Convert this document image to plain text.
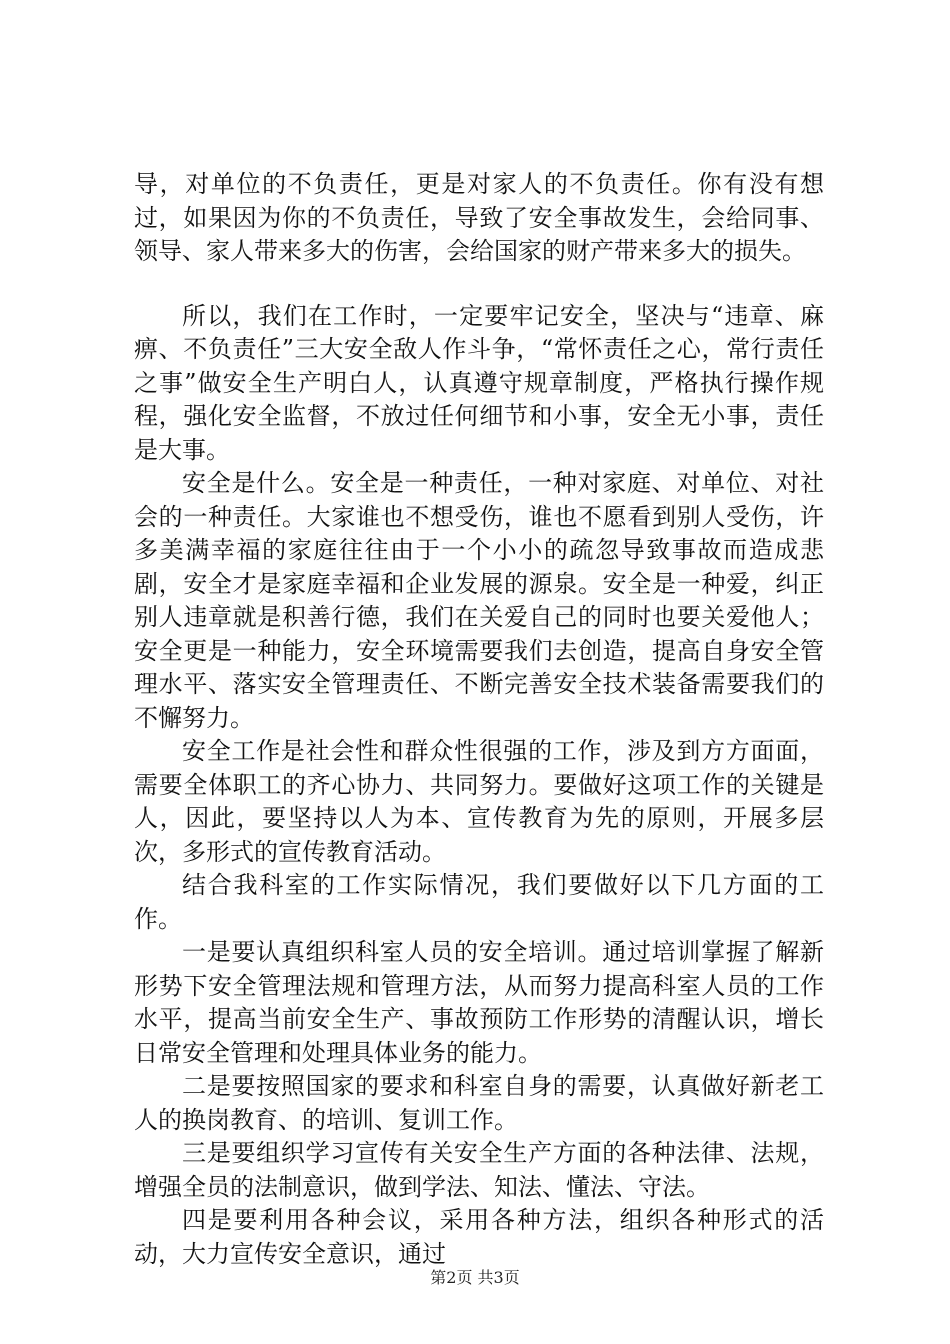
导，对单位的不负责任，更是对家人的不负责任。你有没有想过，如果因为你的不负责任，导致了安全事故发生，会给同事、领导、家人带来多大的伤害，会给国家的财产带来多大的损失。

所以，我们在工作时，一定要牢记安全，坚决与“违章、麻痹、不负责任”三大安全敌人作斗争，“常怀责任之心，常行责任之事”做安全生产明白人，认真遵守规章制度，严格执行操作规程，强化安全监督，不放过任何细节和小事，安全无小事，责任是大事。

安全是什么。安全是一种责任，一种对家庭、对单位、对社会的一种责任。大家谁也不想受伤，谁也不愿看到别人受伤，许多美满幸福的家庭往往由于一个小小的疏忽导致事故而造成悲剧，安全才是家庭幸福和企业发展的源泉。安全是一种爱，纠正别人违章就是积善行德，我们在关爱自己的同时也要关爱他人；安全更是一种能力，安全环境需要我们去创造，提高自身安全管理水平、落实安全管理责任、不断完善安全技术装备需要我们的不懈努力。

安全工作是社会性和群众性很强的工作，涉及到方方面面，需要全体职工的齐心协力、共同努力。要做好这项工作的关键是人，因此，要坚持以人为本、宣传教育为先的原则，开展多层次，多形式的宣传教育活动。

结合我科室的工作实际情况，我们要做好以下几方面的工作。

一是要认真组织科室人员的安全培训。通过培训掌握了解新形势下安全管理法规和管理方法，从而努力提高科室人员的工作水平，提高当前安全生产、事故预防工作形势的清醒认识，增长日常安全管理和处理具体业务的能力。

二是要按照国家的要求和科室自身的需要，认真做好新老工人的换岗教育、的培训、复训工作。

三是要组织学习宣传有关安全生产方面的各种法律、法规，增强全员的法制意识，做到学法、知法、懂法、守法。

四是要利用各种会议，采用各种方法，组织各种形式的活动，大力宣传安全意识，通过

第2页 共3页
